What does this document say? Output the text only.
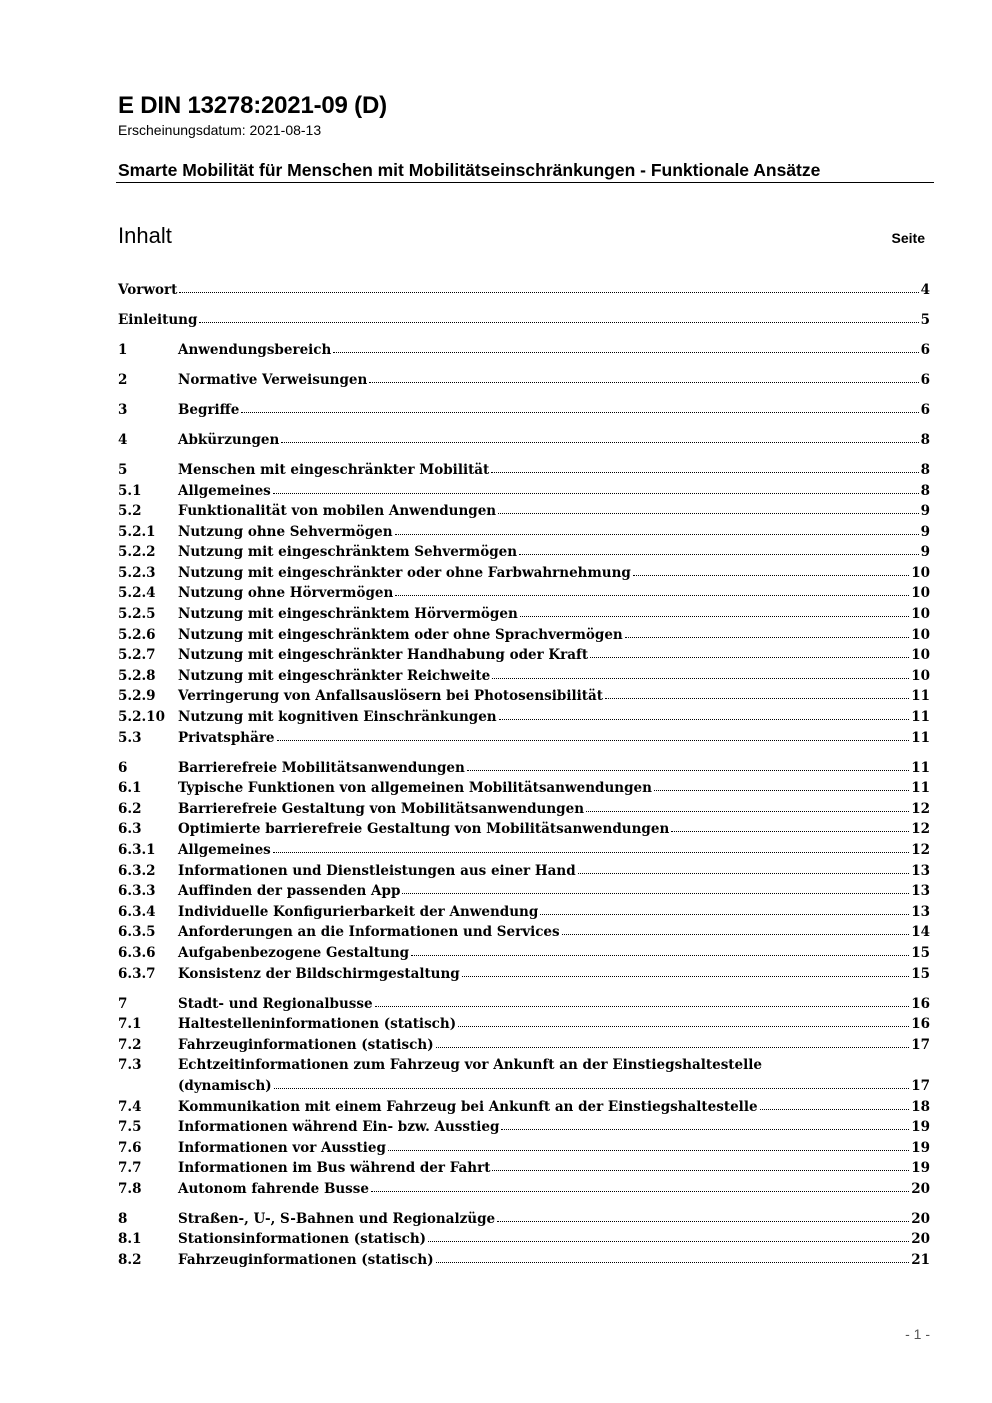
E DIN 13278:2021-09 (D)
Erscheinungsdatum: 2021-08-13
Smarte Mobilität für Menschen mit Mobilitätseinschränkungen - Funktionale Ansätze
Inhalt	Seite
Vorwort	4
Einleitung	5
1	Anwendungsbereich	6
2	Normative Verweisungen	6
3	Begriffe	6
4	Abkürzungen	8
5	Menschen mit eingeschränkter Mobilität	8
5.1	Allgemeines	8
5.2	Funktionalität von mobilen Anwendungen	9
5.2.1	Nutzung ohne Sehvermögen	9
5.2.2	Nutzung mit eingeschränktem Sehvermögen	9
5.2.3	Nutzung mit eingeschränkter oder ohne Farbwahrnehmung	10
5.2.4	Nutzung ohne Hörvermögen	10
5.2.5	Nutzung mit eingeschränktem Hörvermögen	10
5.2.6	Nutzung mit eingeschränktem oder ohne Sprachvermögen	10
5.2.7	Nutzung mit eingeschränkter Handhabung oder Kraft	10
5.2.8	Nutzung mit eingeschränkter Reichweite	10
5.2.9	Verringerung von Anfallsauslösern bei Photosensibilität	11
5.2.10 Nutzung mit kognitiven Einschränkungen	11
5.3	Privatsphäre	11
6	Barrierefreie Mobilitätsanwendungen	11
6.1	Typische Funktionen von allgemeinen Mobilitätsanwendungen	11
6.2	Barrierefreie Gestaltung von Mobilitätsanwendungen	12
6.3	Optimierte barrierefreie Gestaltung von Mobilitätsanwendungen	12
6.3.1	Allgemeines	12
6.3.2	Informationen und Dienstleistungen aus einer Hand	13
6.3.3	Auffinden der passenden App	13
6.3.4	Individuelle Konfigurierbarkeit der Anwendung	13
6.3.5	Anforderungen an die Informationen und Services	14
6.3.6	Aufgabenbezogene Gestaltung	15
6.3.7	Konsistenz der Bildschirmgestaltung	15
7	Stadt- und Regionalbusse	16
7.1	Haltestelleninformationen (statisch)	16
7.2	Fahrzeuginformationen (statisch)	17
7.3	Echtzeitinformationen zum Fahrzeug vor Ankunft an der Einstiegshaltestelle
(dynamisch)	17
7.4	Kommunikation mit einem Fahrzeug bei Ankunft an der Einstiegshaltestelle	18
7.5	Informationen während Ein- bzw. Ausstieg	19
7.6	Informationen vor Ausstieg	19
7.7	Informationen im Bus während der Fahrt	19
7.8	Autonom fahrende Busse	20
8	Straßen-, U-, S-Bahnen und Regionalzüge	20
8.1	Stationsinformationen (statisch)	20
8.2	Fahrzeuginformationen (statisch)	21
- 1 -
